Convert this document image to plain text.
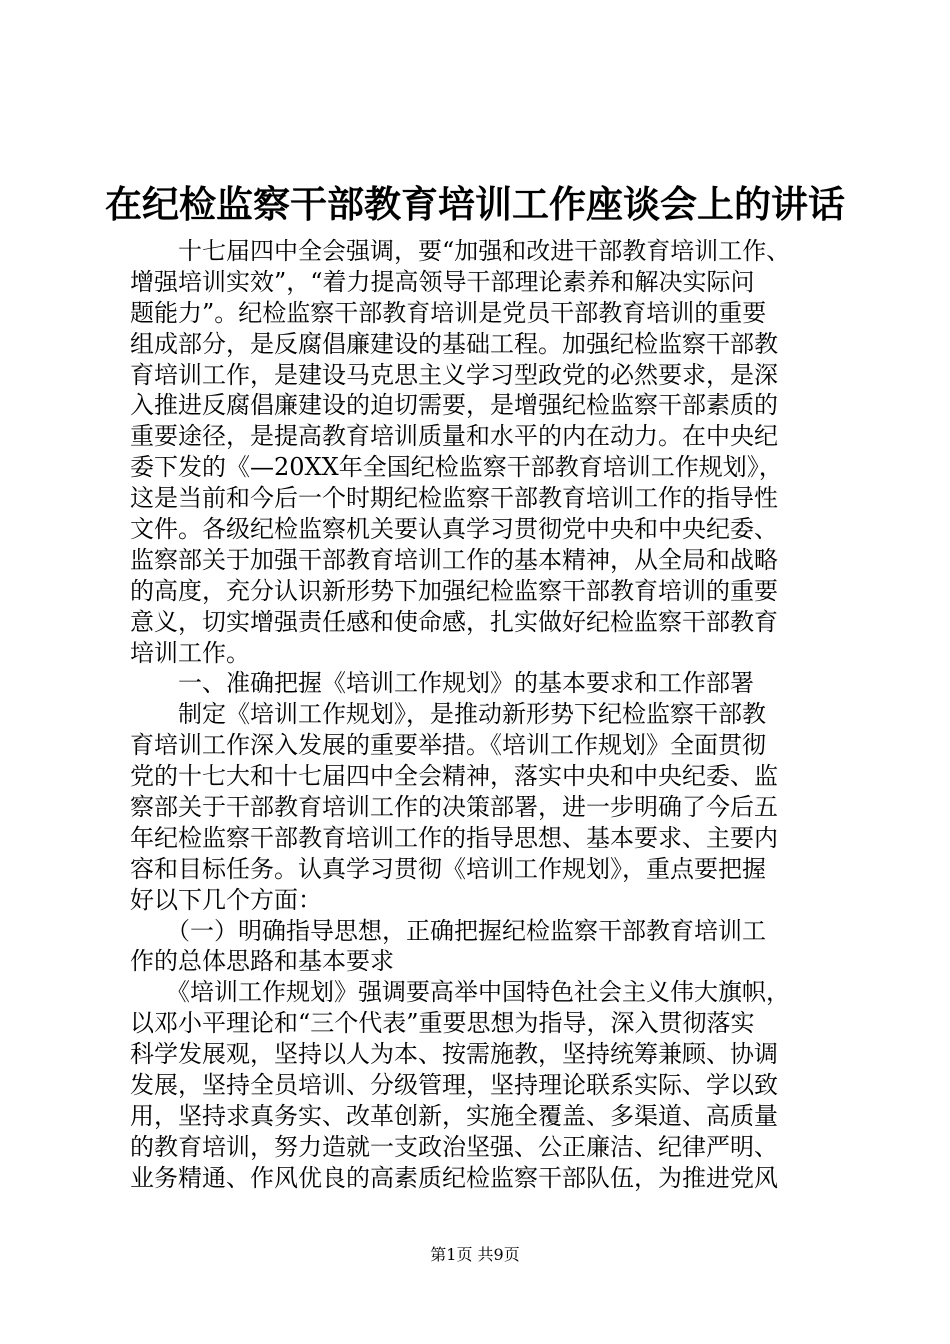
在纪检监察干部教育培训工作座谈会上的讲话
　　十七届四中全会强调，要“加强和改进干部教育培训工作、
增强培训实效”，“着力提高领导干部理论素养和解决实际问
题能力”。纪检监察干部教育培训是党员干部教育培训的重要
组成部分，是反腐倡廉建设的基础工程。加强纪检监察干部教
育培训工作，是建设马克思主义学习型政党的必然要求，是深
入推进反腐倡廉建设的迫切需要，是增强纪检监察干部素质的
重要途径，是提高教育培训质量和水平的内在动力。在中央纪
委下发的《—20XX年全国纪检监察干部教育培训工作规划》，
这是当前和今后一个时期纪检监察干部教育培训工作的指导性
文件。各级纪检监察机关要认真学习贯彻党中央和中央纪委、
监察部关于加强干部教育培训工作的基本精神，从全局和战略
的高度，充分认识新形势下加强纪检监察干部教育培训的重要
意义，切实增强责任感和使命感，扎实做好纪检监察干部教育
培训工作。
　　一、准确把握《培训工作规划》的基本要求和工作部署
　　制定《培训工作规划》，是推动新形势下纪检监察干部教
育培训工作深入发展的重要举措。《培训工作规划》全面贯彻
党的十七大和十七届四中全会精神，落实中央和中央纪委、监
察部关于干部教育培训工作的决策部署，进一步明确了今后五
年纪检监察干部教育培训工作的指导思想、基本要求、主要内
容和目标任务。认真学习贯彻《培训工作规划》，重点要把握
好以下几个方面：
　　（一）明确指导思想，正确把握纪检监察干部教育培训工
作的总体思路和基本要求
　　《培训工作规划》强调要高举中国特色社会主义伟大旗帜，
以邓小平理论和“三个代表”重要思想为指导，深入贯彻落实
科学发展观，坚持以人为本、按需施教，坚持统筹兼顾、协调
发展，坚持全员培训、分级管理，坚持理论联系实际、学以致
用，坚持求真务实、改革创新，实施全覆盖、多渠道、高质量
的教育培训，努力造就一支政治坚强、公正廉洁、纪律严明、
业务精通、作风优良的高素质纪检监察干部队伍，为推进党风
第1页 共9页
